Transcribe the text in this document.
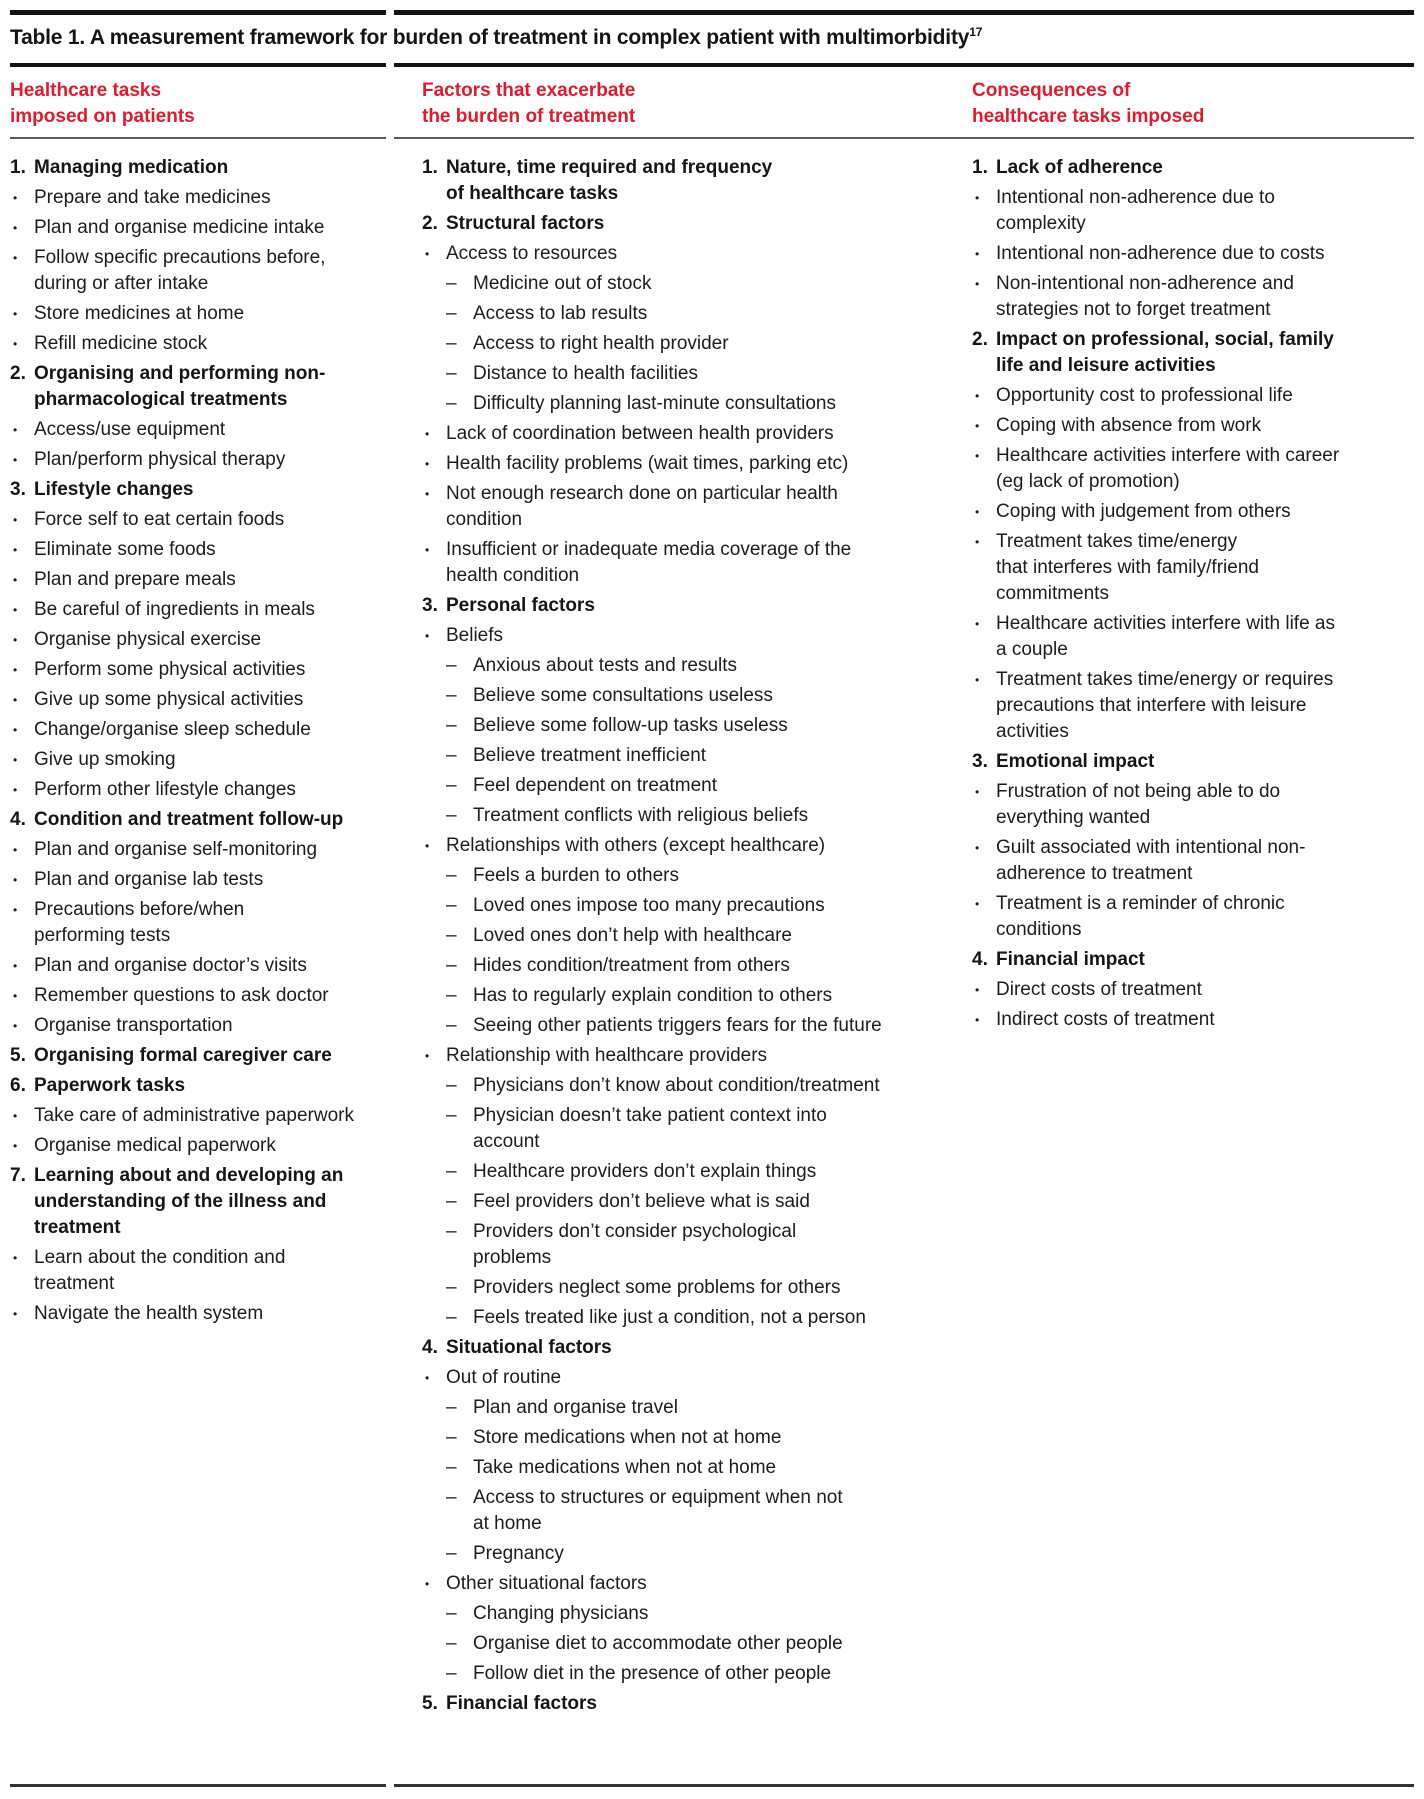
Table 1. A measurement framework for burden of treatment in complex patient with multimorbidity$^{17}$
Healthcare tasks
imposed on patients
Factors that exacerbate
the burden of treatment
Consequences of
healthcare tasks imposed
1. Managing medication
• Prepare and take medicines
• Plan and organise medicine intake
• Follow specific precautions before, during or after intake
• Store medicines at home
• Refill medicine stock
2. Organising and performing non-pharmacological treatments
• Access/use equipment
• Plan/perform physical therapy
3. Lifestyle changes
• Force self to eat certain foods
• Eliminate some foods
• Plan and prepare meals
• Be careful of ingredients in meals
• Organise physical exercise
• Perform some physical activities
• Give up some physical activities
• Change/organise sleep schedule
• Give up smoking
• Perform other lifestyle changes
4. Condition and treatment follow-up
• Plan and organise self-monitoring
• Plan and organise lab tests
• Precautions before/when
performing tests
• Plan and organise doctor’s visits
• Remember questions to ask doctor
• Organise transportation
5. Organising formal caregiver care
6. Paperwork tasks
• Take care of administrative paperwork
• Organise medical paperwork
7. Learning about and developing an understanding of the illness and treatment
• Learn about the condition and treatment
• Navigate the health system
1. Nature, time required and frequency
of healthcare tasks
2. Structural factors
• Access to resources
– Medicine out of stock
– Access to lab results
– Access to right health provider
– Distance to health facilities
– Difficulty planning last-minute consultations
• Lack of coordination between health providers
• Health facility problems (wait times, parking etc)
• Not enough research done on particular health condition
• Insufficient or inadequate media coverage of the health condition
3. Personal factors
• Beliefs
– Anxious about tests and results
– Believe some consultations useless
– Believe some follow-up tasks useless
– Believe treatment inefficient
– Feel dependent on treatment
– Treatment conflicts with religious beliefs
• Relationships with others (except healthcare)
– Feels a burden to others
– Loved ones impose too many precautions
– Loved ones don’t help with healthcare
– Hides condition/treatment from others
– Has to regularly explain condition to others
– Seeing other patients triggers fears for the future
• Relationship with healthcare providers
– Physicians don’t know about condition/treatment
– Physician doesn’t take patient context into account
– Healthcare providers don’t explain things
– Feel providers don’t believe what is said
– Providers don’t consider psychological
problems
– Providers neglect some problems for others
– Feels treated like just a condition, not a person
4. Situational factors
• Out of routine
– Plan and organise travel
– Store medications when not at home
– Take medications when not at home
– Access to structures or equipment when not
at home
– Pregnancy
• Other situational factors
– Changing physicians
– Organise diet to accommodate other people
– Follow diet in the presence of other people
5. Financial factors
1. Lack of adherence
• Intentional non-adherence due to complexity
• Intentional non-adherence due to costs
• Non-intentional non-adherence and strategies not to forget treatment
2. Impact on professional, social, family life and leisure activities
• Opportunity cost to professional life
• Coping with absence from work
• Healthcare activities interfere with career (eg lack of promotion)
• Coping with judgement from others
• Treatment takes time/energy
that interferes with family/friend commitments
• Healthcare activities interfere with life as a couple
• Treatment takes time/energy or requires precautions that interfere with leisure activities
3. Emotional impact
• Frustration of not being able to do everything wanted
• Guilt associated with intentional non-adherence to treatment
• Treatment is a reminder of chronic conditions
4. Financial impact
• Direct costs of treatment
• Indirect costs of treatment
